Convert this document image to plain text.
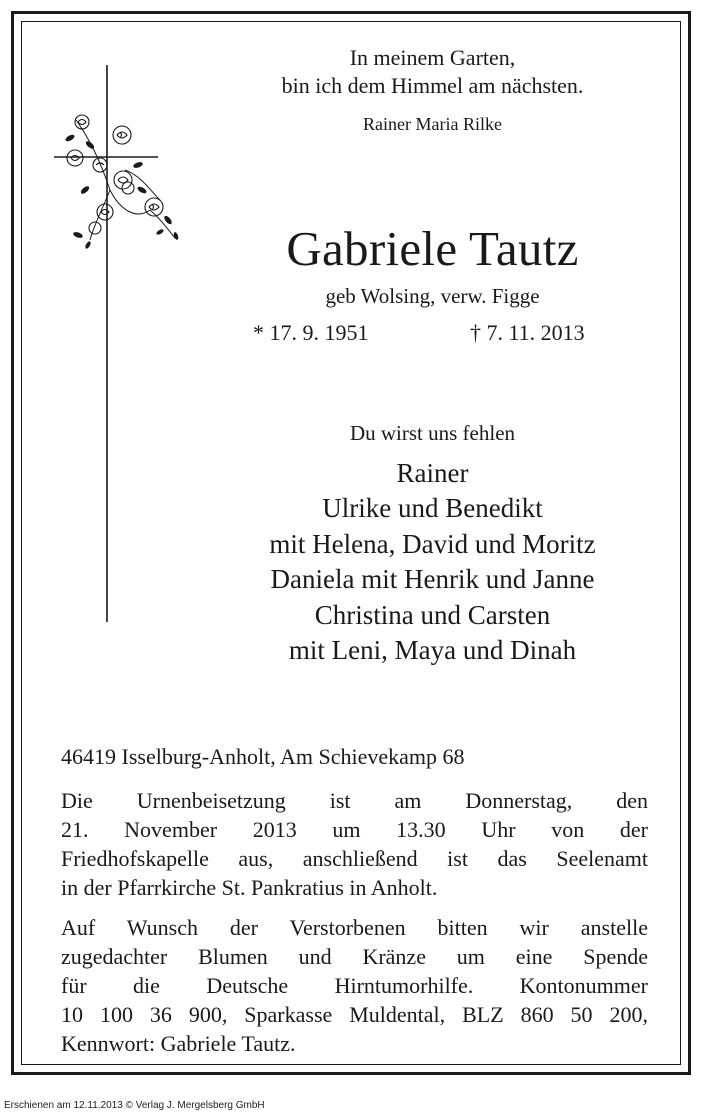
In meinem Garten,
bin ich dem Himmel am nächsten.
Rainer Maria Rilke
Gabriele Tautz
geb Wolsing, verw. Figge
* 17. 9. 1951	† 7. 11. 2013
Du wirst uns fehlen
Rainer
Ulrike und Benedikt
mit Helena, David und Moritz
Daniela mit Henrik und Janne
Christina und Carsten
mit Leni, Maya und Dinah
46419 Isselburg-Anholt, Am Schievekamp 68
Die Urnenbeisetzung ist am Donnerstag, den
21. November 2013 um 13.30 Uhr von der
Friedhofskapelle aus, anschließend ist das Seelenamt
in der Pfarrkirche St. Pankratius in Anholt.
Auf Wunsch der Verstorbenen bitten wir anstelle
zugedachter Blumen und Kränze um eine Spende
für die Deutsche Hirntumorhilfe. Kontonummer
10 100 36 900, Sparkasse Muldental, BLZ 860 50 200,
Kennwort: Gabriele Tautz.
Erschienen am 12.11.2013 © Verlag J. Mergelsberg GmbH
